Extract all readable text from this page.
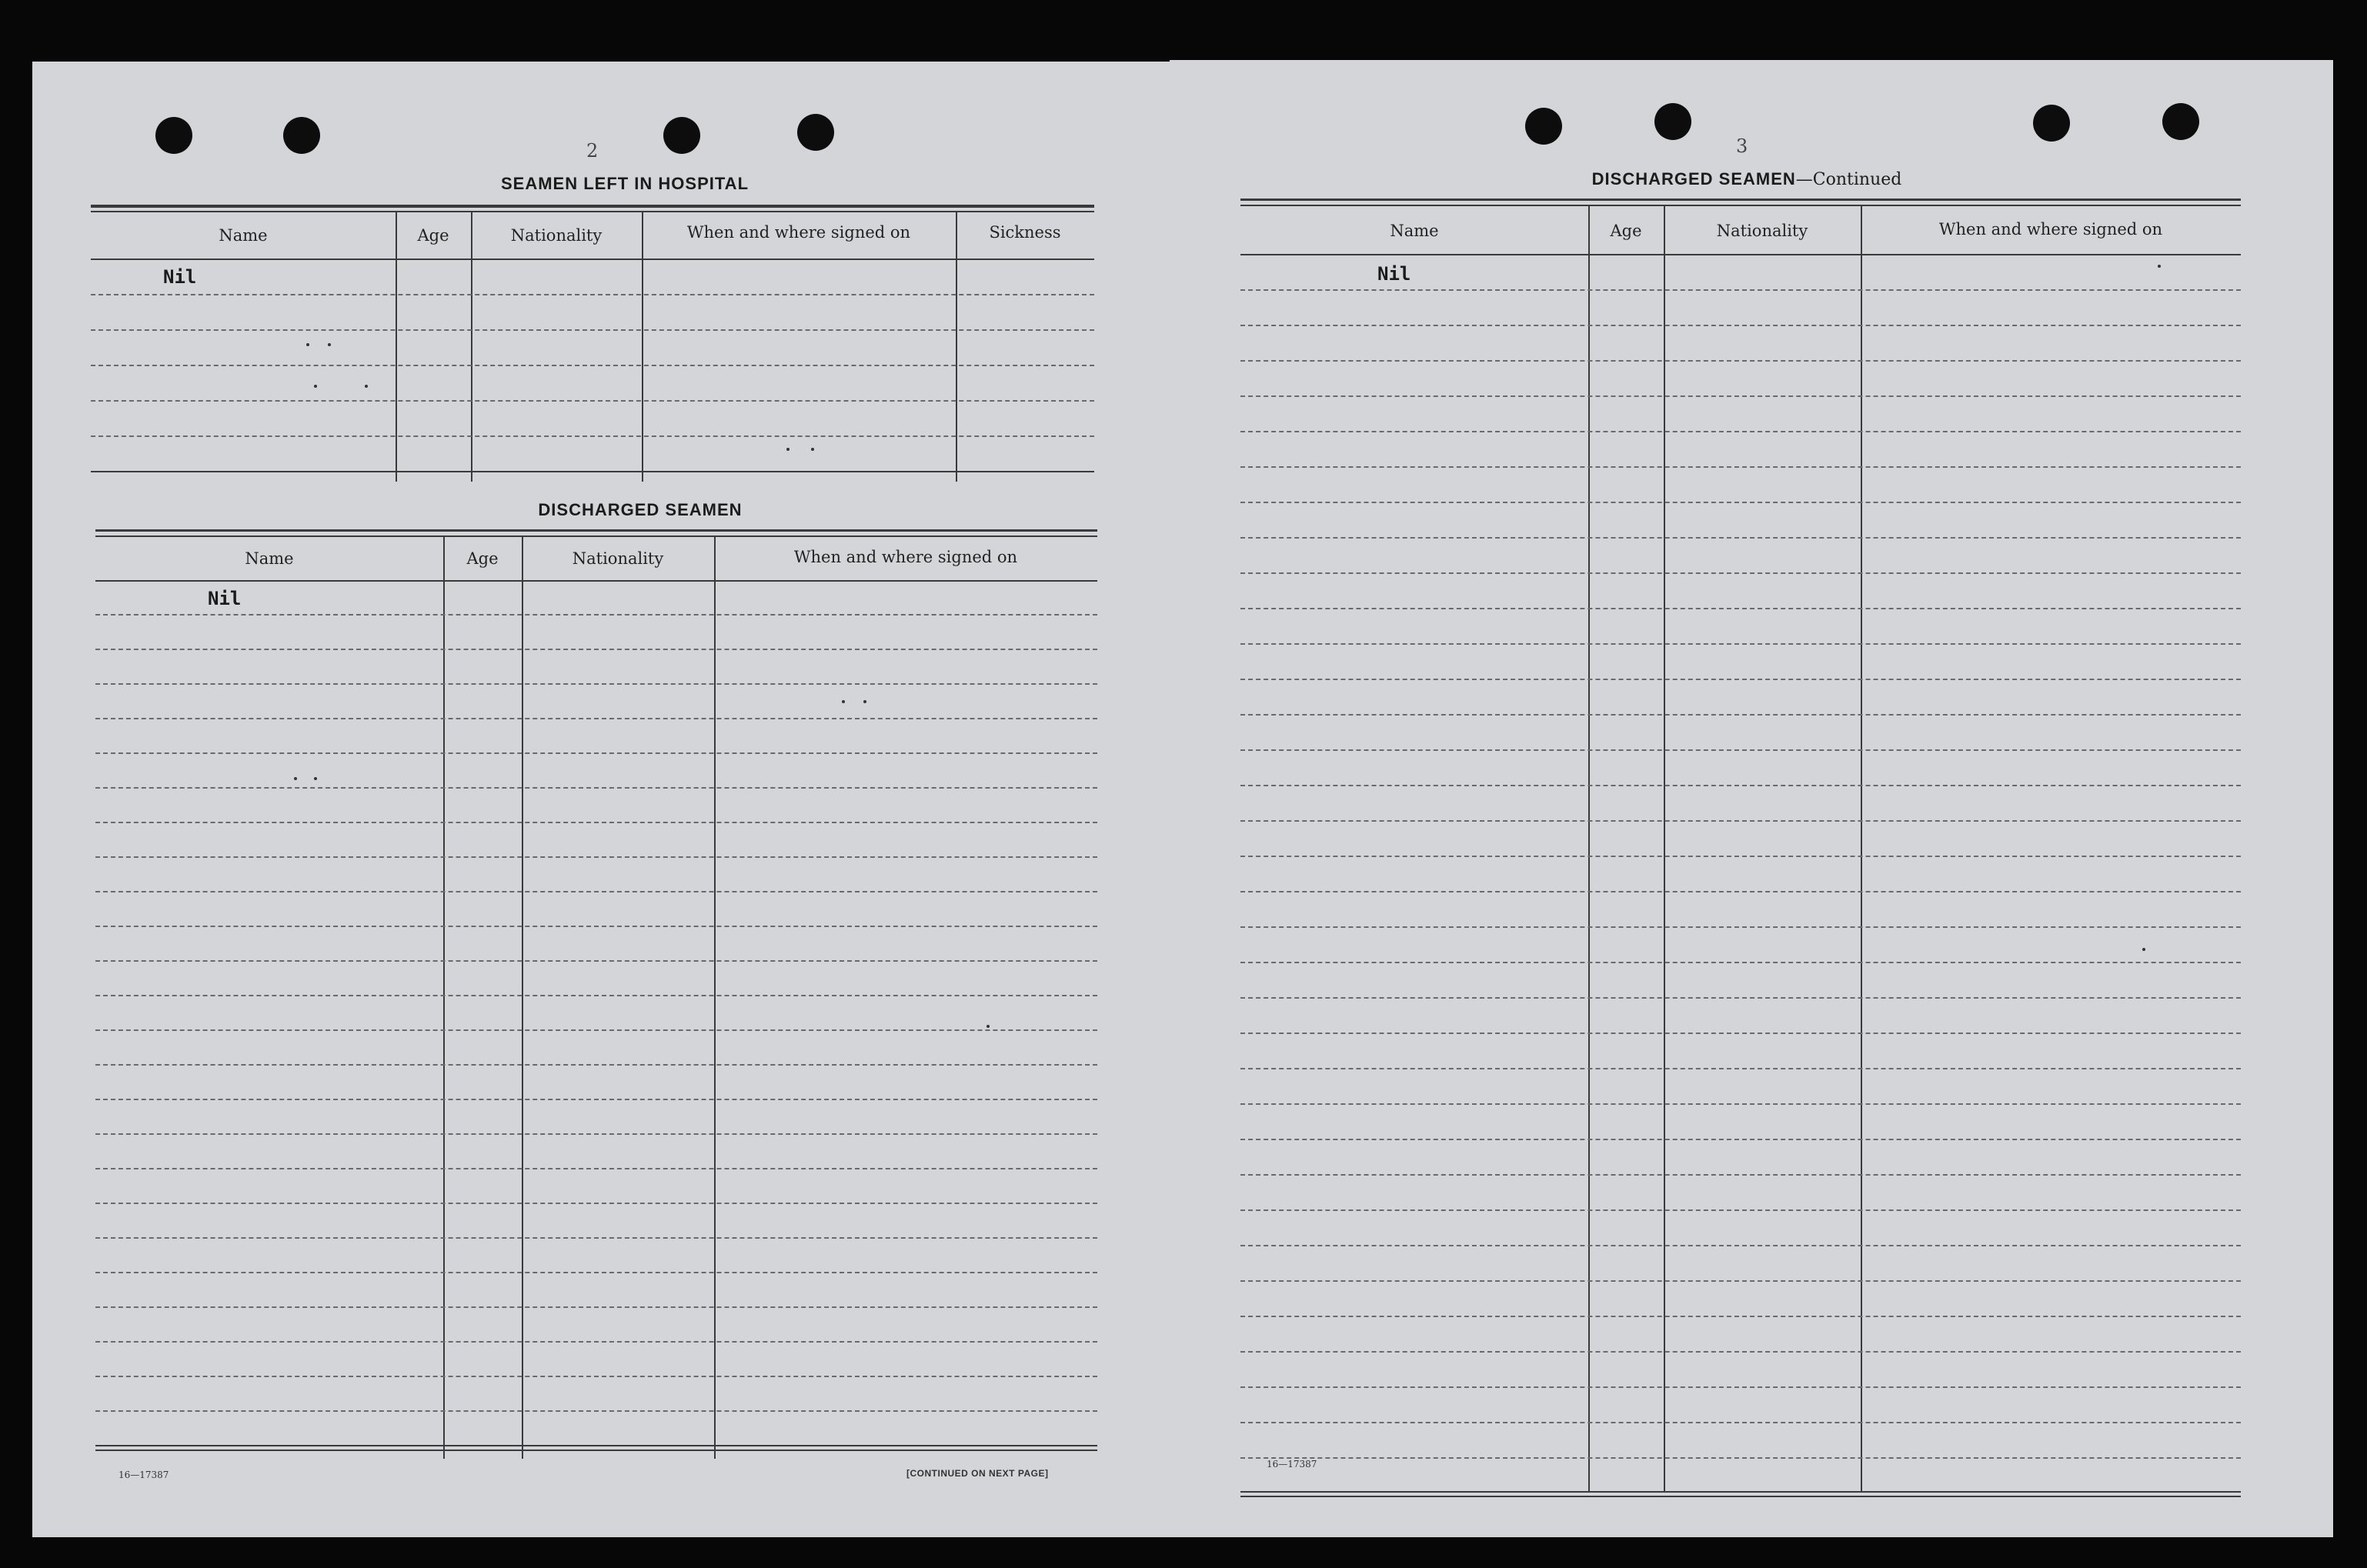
2
SEAMEN LEFT IN HOSPITAL
Name	Age	Nationality	When and where signed on	Sickness
Nil
DISCHARGED SEAMEN
Name	Age	Nationality	When and where signed on
Nil
16—17387	[CONTINUED ON NEXT PAGE]
3
DISCHARGED SEAMEN—Continued
Name	Age	Nationality	When and where signed on
Nil
16—17387
